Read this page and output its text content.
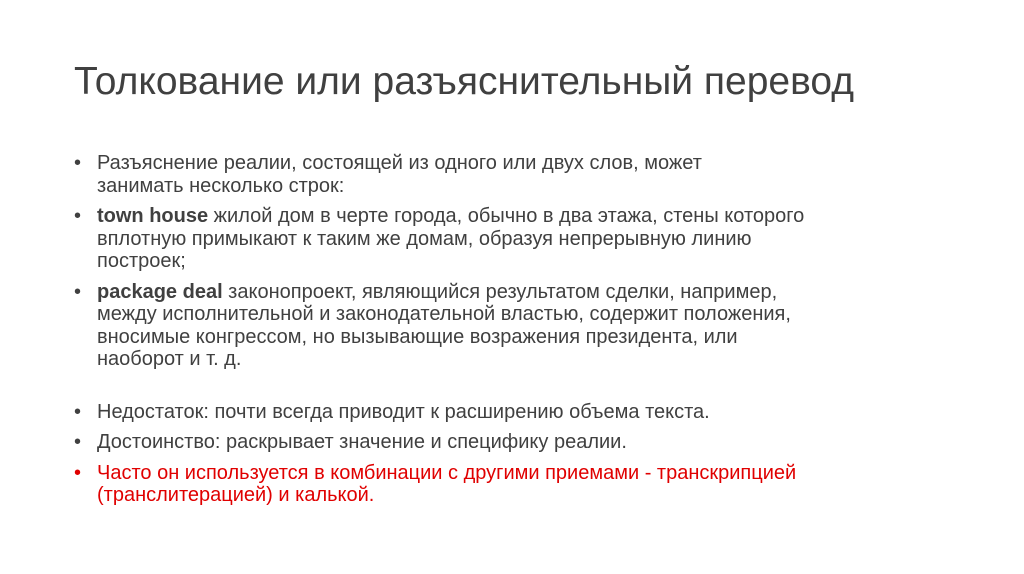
Толкование или разъяснительный перевод
• Разъяснение реалии, состоящей из одного или двух слов, может
занимать несколько строк:
• town house жилой дом в черте города, обычно в два этажа, стены которого
вплотную примыкают к таким же домам, образуя непрерывную линию
построек;
• package deal законопроект, являющийся результатом сделки, например,
между исполнительной и законодательной властью, содержит положения,
вносимые конгрессом, но вызывающие возражения президента, или
наоборот и т. д.
• Недостаток: почти всегда приводит к расширению объема текста.
• Достоинство: раскрывает значение и специфику реалии.
• Часто он используется в комбинации с другими приемами - транскрипцией
(транслитерацией) и калькой.
